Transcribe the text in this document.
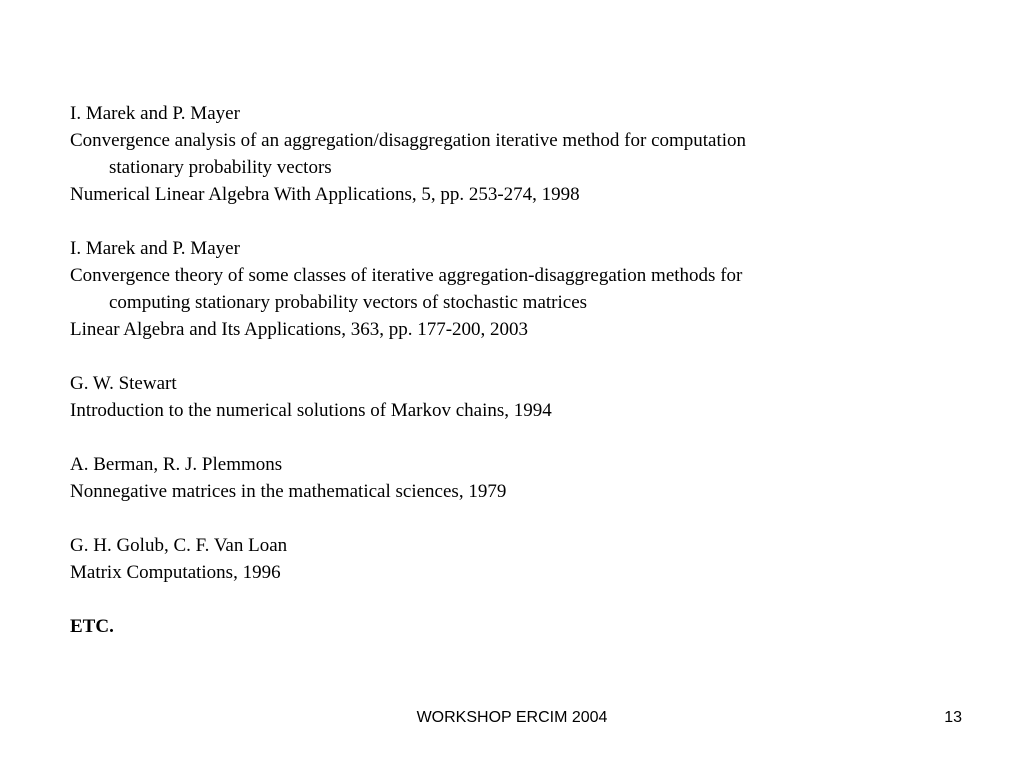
I. Marek and P. Mayer
Convergence analysis of an aggregation/disaggregation iterative method for computation
stationary probability vectors
Numerical Linear Algebra With Applications, 5, pp. 253-274, 1998
I. Marek and P. Mayer
Convergence theory of some classes of iterative aggregation-disaggregation methods for
computing stationary probability vectors of stochastic matrices
Linear Algebra and Its Applications, 363, pp. 177-200, 2003
G. W. Stewart
Introduction to the numerical solutions of Markov chains, 1994
A. Berman, R. J. Plemmons
Nonnegative matrices in the mathematical sciences, 1979
G. H. Golub, C. F. Van Loan
Matrix Computations, 1996
ETC.
WORKSHOP ERCIM 2004	13
